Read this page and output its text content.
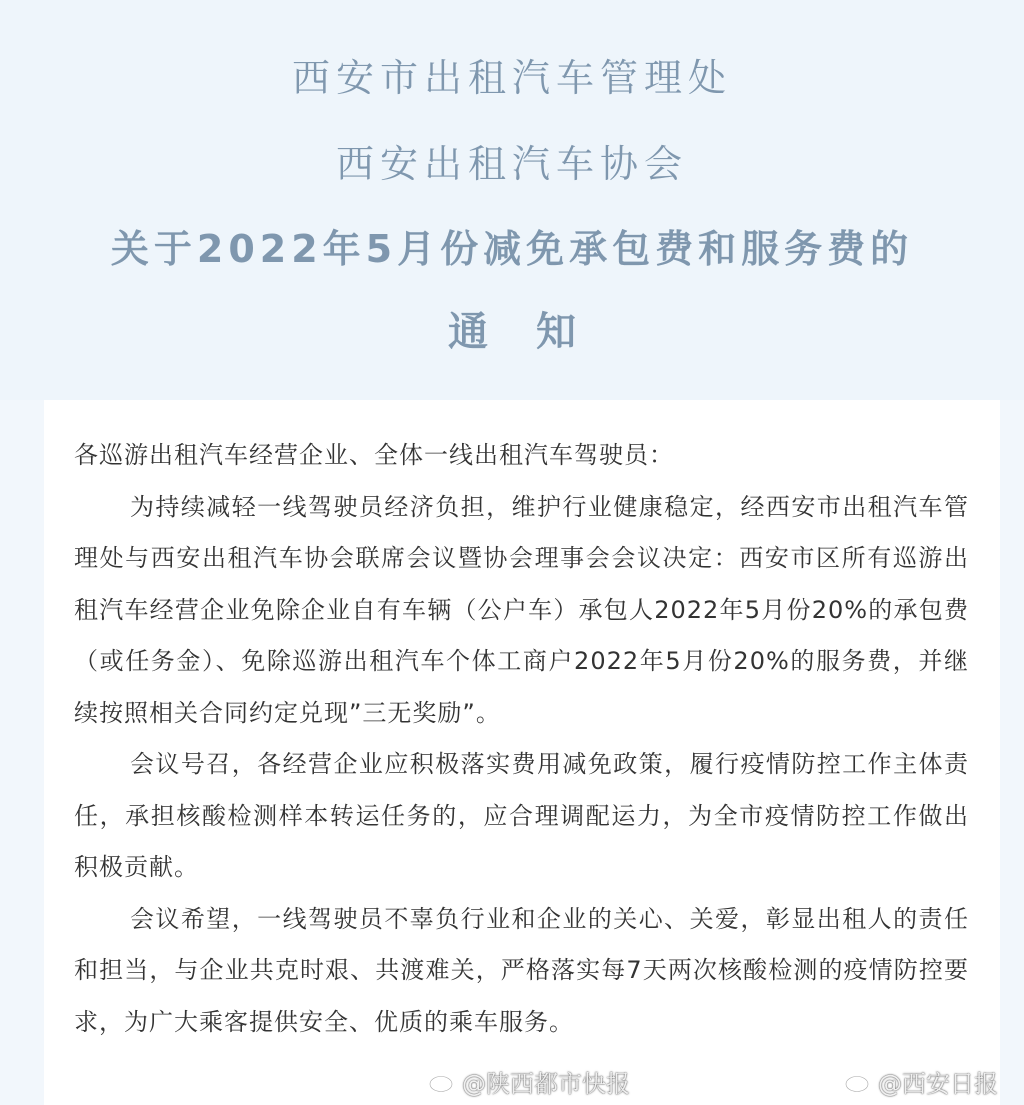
西安市出租汽车管理处
西安出租汽车协会
关于2022年5月份减免承包费和服务费的
通知

各巡游出租汽车经营企业、全体一线出租汽车驾驶员：

为持续减轻一线驾驶员经济负担，维护行业健康稳定，经西安市出租汽车管理处与西安出租汽车协会联席会议暨协会理事会会议决定：西安市区所有巡游出租汽车经营企业免除企业自有车辆（公户车）承包人2022年5月份20%的承包费（或任务金）、免除巡游出租汽车个体工商户2022年5月份20%的服务费，并继续按照相关合同约定兑现”三无奖励”。

会议号召，各经营企业应积极落实费用减免政策，履行疫情防控工作主体责任，承担核酸检测样本转运任务的，应合理调配运力，为全市疫情防控工作做出积极贡献。

会议希望，一线驾驶员不辜负行业和企业的关心、关爱，彰显出租人的责任和担当，与企业共克时艰、共渡难关，严格落实每7天两次核酸检测的疫情防控要求，为广大乘客提供安全、优质的乘车服务。

@陕西都市快报	@西安日报
